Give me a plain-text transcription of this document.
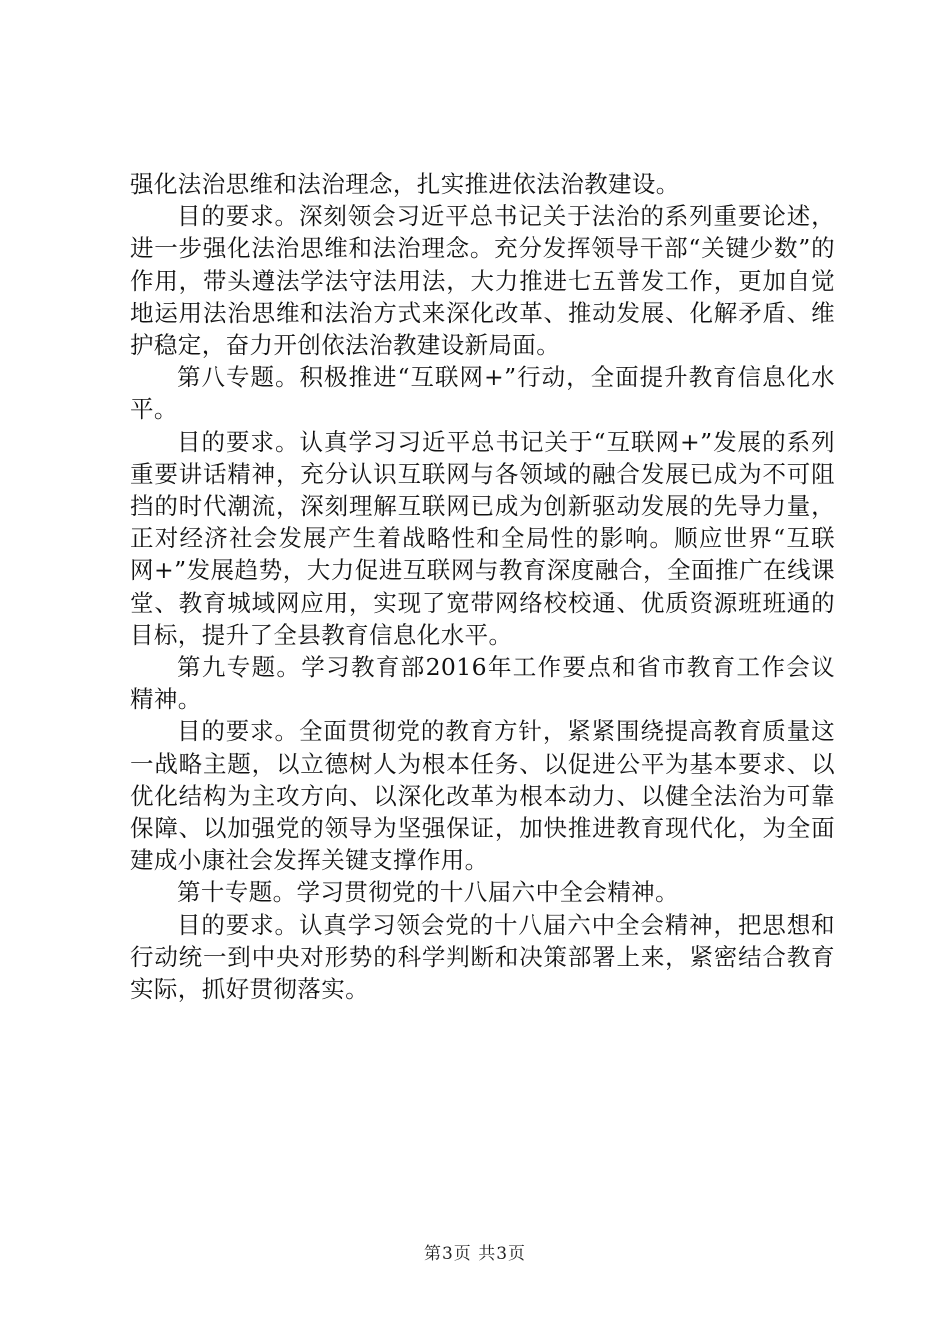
强化法治思维和法治理念，扎实推进依法治教建设。

目的要求。深刻领会习近平总书记关于法治的系列重要论述，进一步强化法治思维和法治理念。充分发挥领导干部“关键少数”的作用，带头遵法学法守法用法，大力推进七五普发工作，更加自觉地运用法治思维和法治方式来深化改革、推动发展、化解矛盾、维护稳定，奋力开创依法治教建设新局面。

第八专题。积极推进“互联网+”行动，全面提升教育信息化水平。

目的要求。认真学习习近平总书记关于“互联网+”发展的系列重要讲话精神，充分认识互联网与各领域的融合发展已成为不可阻挡的时代潮流，深刻理解互联网已成为创新驱动发展的先导力量，正对经济社会发展产生着战略性和全局性的影响。顺应世界“互联网+”发展趋势，大力促进互联网与教育深度融合，全面推广在线课堂、教育城域网应用，实现了宽带网络校校通、优质资源班班通的目标，提升了全县教育信息化水平。

第九专题。学习教育部2016年工作要点和省市教育工作会议精神。

目的要求。全面贯彻党的教育方针，紧紧围绕提高教育质量这一战略主题，以立德树人为根本任务、以促进公平为基本要求、以优化结构为主攻方向、以深化改革为根本动力、以健全法治为可靠保障、以加强党的领导为坚强保证，加快推进教育现代化，为全面建成小康社会发挥关键支撑作用。

第十专题。学习贯彻党的十八届六中全会精神。

目的要求。认真学习领会党的十八届六中全会精神，把思想和行动统一到中央对形势的科学判断和决策部署上来，紧密结合教育实际，抓好贯彻落实。

第3页 共3页
